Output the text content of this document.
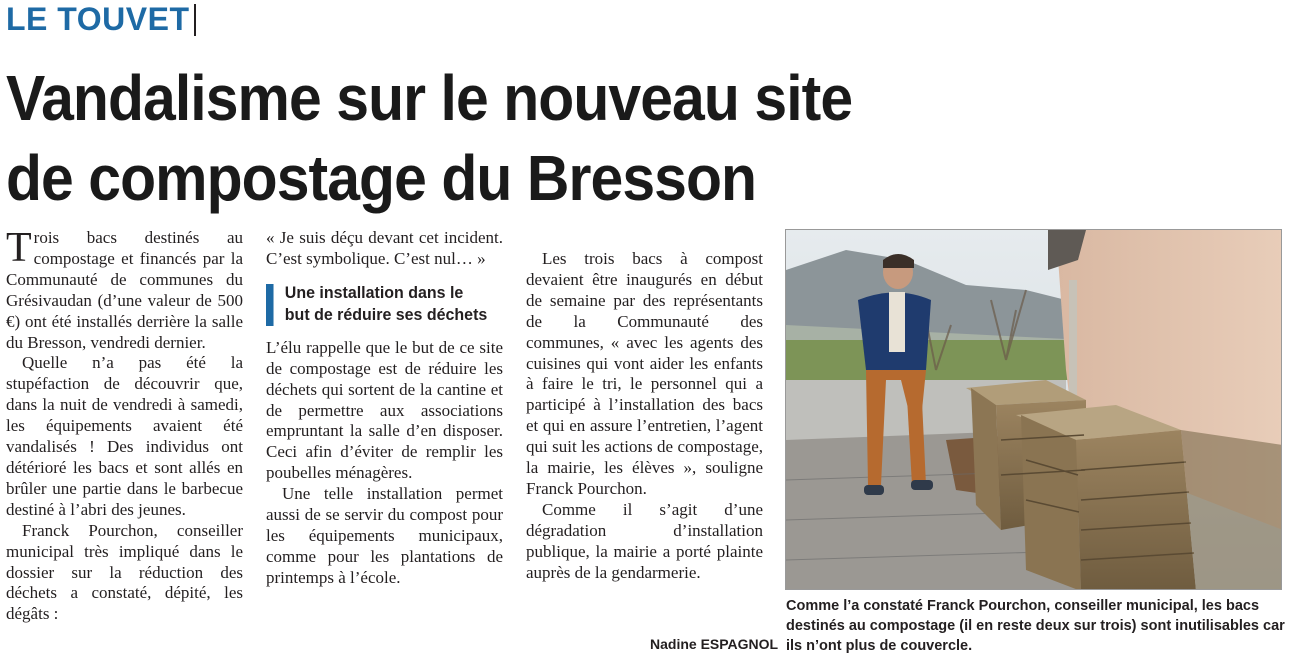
LE TOUVET
Vandalisme sur le nouveau site
de compostage du Bresson

Trois bacs destinés au compostage et financés par la Communauté de communes du Grésivaudan (d’une valeur de 500 €) ont été installés derrière la salle du Bresson, vendredi dernier.

Quelle n’a pas été la stupéfaction de découvrir que, dans la nuit de vendredi à samedi, les équipements avaient été vandalisés ! Des individus ont détérioré les bacs et sont allés en brûler une partie dans le barbecue destiné à l’abri des jeunes.

Franck Pourchon, conseiller municipal très impliqué dans le dossier sur la réduction des déchets a constaté, dépité, les dégâts :

« Je suis déçu devant cet incident. C’est symbolique. C’est nul… »

Une installation dans le but de réduire ses déchets

L’élu rappelle que le but de ce site de compostage est de réduire les déchets qui sortent de la cantine et de permettre aux associations empruntant la salle d’en disposer. Ceci afin d’éviter de remplir les poubelles ménagères.

Une telle installation permet aussi de se servir du compost pour les équipements municipaux, comme pour les plantations de printemps à l’école.

Les trois bacs à compost devaient être inaugurés en début de semaine par des représentants de la Communauté des communes, « avec les agents des cuisines qui vont aider les enfants à faire le tri, le personnel qui a participé à l’installation des bacs et qui en assure l’entretien, l’agent qui suit les actions de compostage, la mairie, les élèves », souligne Franck Pourchon.

Comme il s’agit d’une dégradation d’installation publique, la mairie a porté plainte auprès de la gendarmerie.

Nadine ESPAGNOL
Comme l’a constaté Franck Pourchon, conseiller municipal, les bacs destinés au compostage (il en reste deux sur trois) sont inutilisables car ils n’ont plus de couvercle.
